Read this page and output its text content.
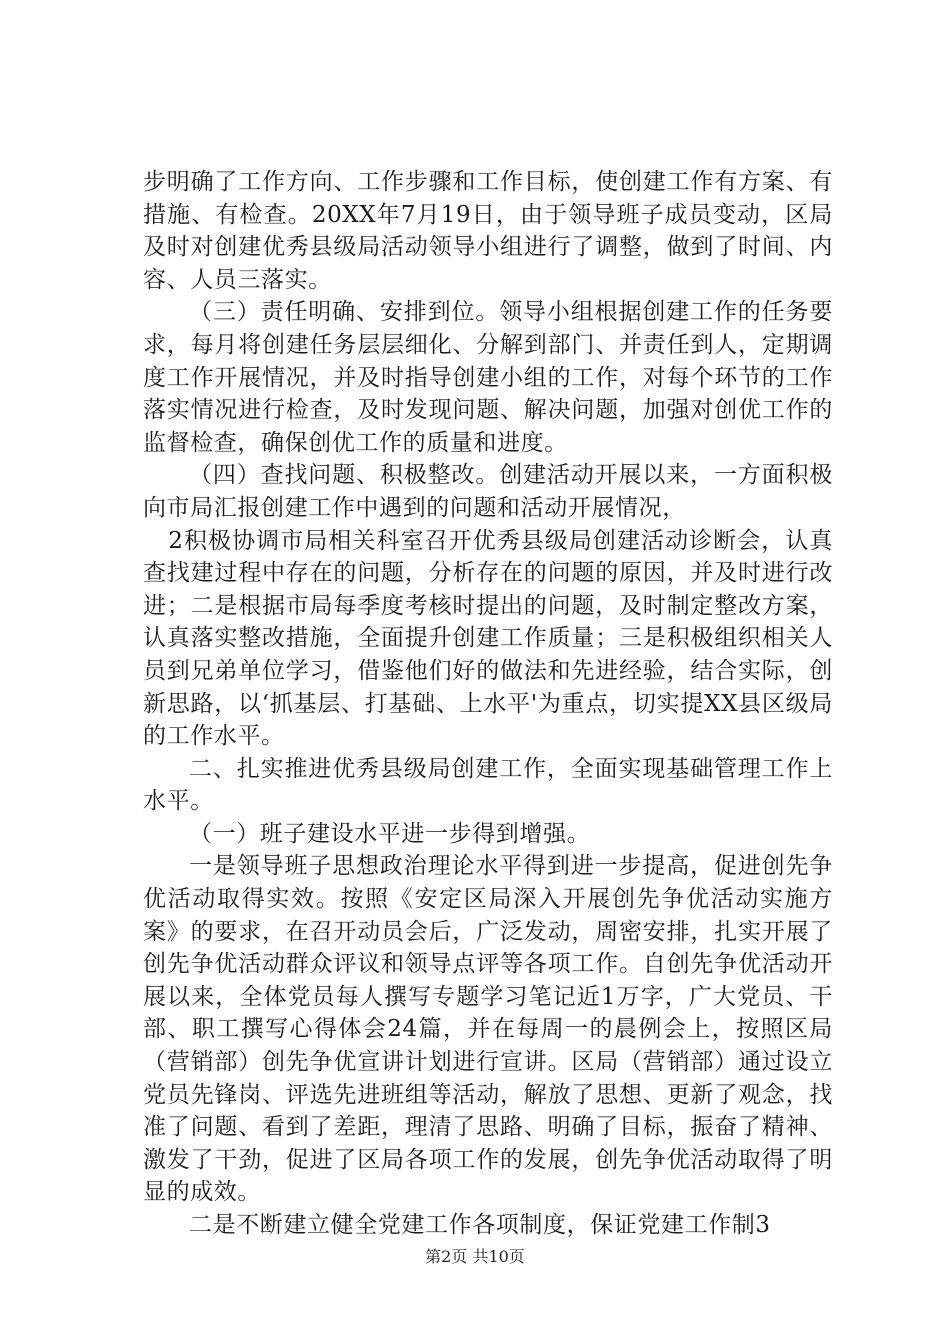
步明确了工作方向、工作步骤和工作目标，使创建工作有方案、有措施、有检查。20XX年7月19日，由于领导班子成员变动，区局及时对创建优秀县级局活动领导小组进行了调整，做到了时间、内容、人员三落实。

（三）责任明确、安排到位。领导小组根据创建工作的任务要求，每月将创建任务层层细化、分解到部门、并责任到人，定期调度工作开展情况，并及时指导创建小组的工作，对每个环节的工作落实情况进行检查，及时发现问题、解决问题，加强对创优工作的监督检查，确保创优工作的质量和进度。

（四）查找问题、积极整改。创建活动开展以来，一方面积极向市局汇报创建工作中遇到的问题和活动开展情况，

2积极协调市局相关科室召开优秀县级局创建活动诊断会，认真查找建过程中存在的问题，分析存在的问题的原因，并及时进行改进；二是根据市局每季度考核时提出的问题，及时制定整改方案，认真落实整改措施，全面提升创建工作质量；三是积极组织相关人员到兄弟单位学习，借鉴他们好的做法和先进经验，结合实际，创新思路，以‘抓基层、打基础、上水平'为重点，切实提XX县区级局的工作水平。

二、扎实推进优秀县级局创建工作，全面实现基础管理工作上水平。

（一）班子建设水平进一步得到增强。

一是领导班子思想政治理论水平得到进一步提高，促进创先争优活动取得实效。按照《安定区局深入开展创先争优活动实施方案》的要求，在召开动员会后，广泛发动，周密安排，扎实开展了创先争优活动群众评议和领导点评等各项工作。自创先争优活动开展以来，全体党员每人撰写专题学习笔记近1万字，广大党员、干部、职工撰写心得体会24篇，并在每周一的晨例会上，按照区局（营销部）创先争优宣讲计划进行宣讲。区局（营销部）通过设立党员先锋岗、评选先进班组等活动，解放了思想、更新了观念，找准了问题、看到了差距，理清了思路、明确了目标，振奋了精神、激发了干劲，促进了区局各项工作的发展，创先争优活动取得了明显的成效。

二是不断建立健全党建工作各项制度，保证党建工作制3

第2页 共10页
